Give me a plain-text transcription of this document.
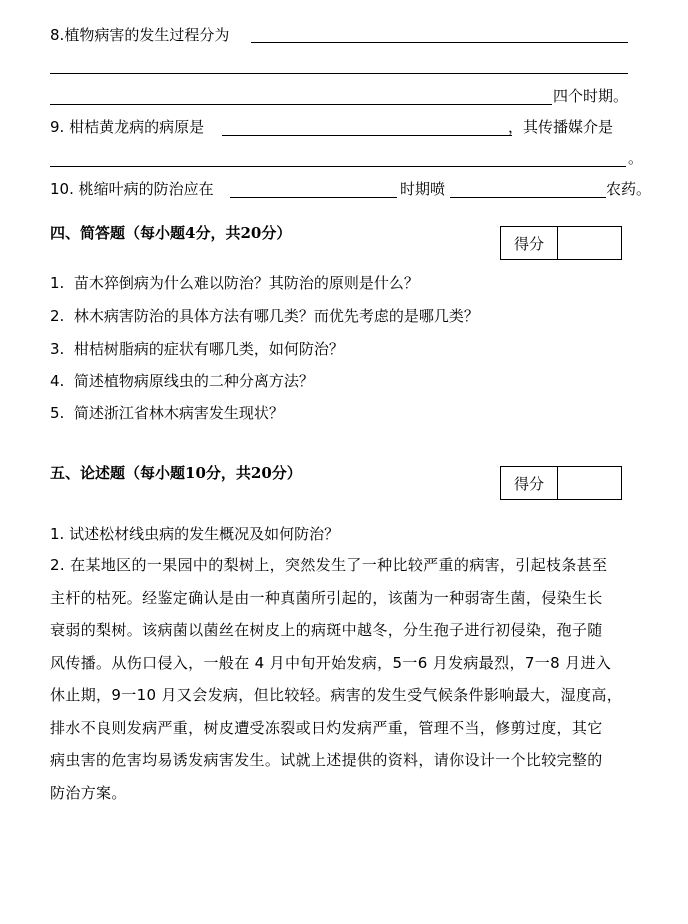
8.植物病害的发生过程分为
四个时期。
9. 柑桔黄龙病的病原是	，其传播媒介是
。
10. 桃缩叶病的防治应在	时期喷	农药。
四、简答题（每小题4分，共20分）
得分
1. 苗木猝倒病为什么难以防治？其防治的原则是什么？
2. 林木病害防治的具体方法有哪几类？而优先考虑的是哪几类？
3. 柑桔树脂病的症状有哪几类，如何防治？
4. 简述植物病原线虫的二种分离方法？
5. 简述浙江省林木病害发生现状？
五、论述题（每小题10分，共20分）
得分
1. 试述松材线虫病的发生概况及如何防治？
2. 在某地区的一果园中的梨树上，突然发生了一种比较严重的病害，引起枝条甚至
主杆的枯死。经鉴定确认是由一种真菌所引起的，该菌为一种弱寄生菌，侵染生长
衰弱的梨树。该病菌以菌丝在树皮上的病斑中越冬，分生孢子进行初侵染，孢子随
风传播。从伤口侵入，一般在 4 月中旬开始发病，5一6 月发病最烈，7一8 月进入
休止期，9一10 月又会发病，但比较轻。病害的发生受气候条件影响最大，湿度高，
排水不良则发病严重，树皮遭受冻裂或日灼发病严重，管理不当，修剪过度，其它
病虫害的危害均易诱发病害发生。试就上述提供的资料，请你设计一个比较完整的
防治方案。
